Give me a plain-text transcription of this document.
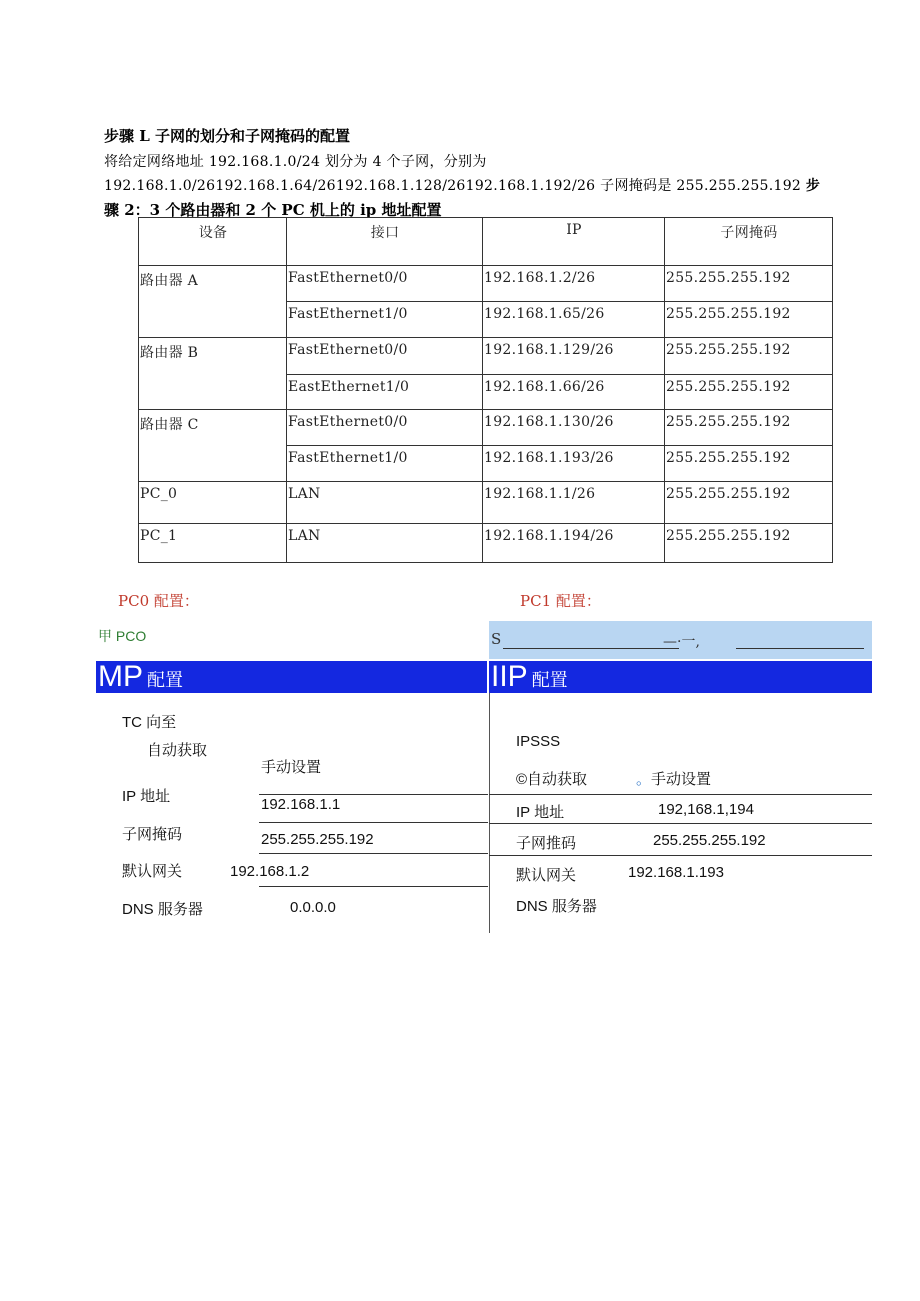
步骤 L 子网的划分和子网掩码的配置
将给定网络地址 192.168.1.0/24 划分为 4 个子网，分别为
192.168.1.0/26192.168.1.64/26192.168.1.128/26192.168.1.192/26 子网掩码是 255.255.255.192 步
骤 2：3 个路由器和 2 个 PC 机上的 ip 地址配置
设备	接口	IP	子网掩码
路由器 A	FastEthernet0/0	192.168.1.2/26	255.255.255.192
	FastEthernet1/0	192.168.1.65/26	255.255.255.192
路由器 B	FastEthernet0/0	192.168.1.129/26	255.255.255.192
	EastEthernet1/0	192.168.1.66/26	255.255.255.192
路由器 C	FastEthernet0/0	192.168.1.130/26	255.255.255.192
	FastEthernet1/0	192.168.1.193/26	255.255.255.192
PC_0	LAN	192.168.1.1/26	255.255.255.192
PC_1	LAN	192.168.1.194/26	255.255.255.192
PC0 配置：	PC1 配置：
甲 PCO	S	—·一,
MP 配置	IIP 配置
TC 向至
自动获取
手动设置
IP 地址	192.168.1.1
子网掩码	255.255.255.192
默认网关	192.168.1.2
DNS 服务器	0.0.0.0
IPSSS
©自动获取	。手动设置
IP 地址	192,168.1,194
子网推码	255.255.255.192
默认网关	192.168.1.193
DNS 服务器
